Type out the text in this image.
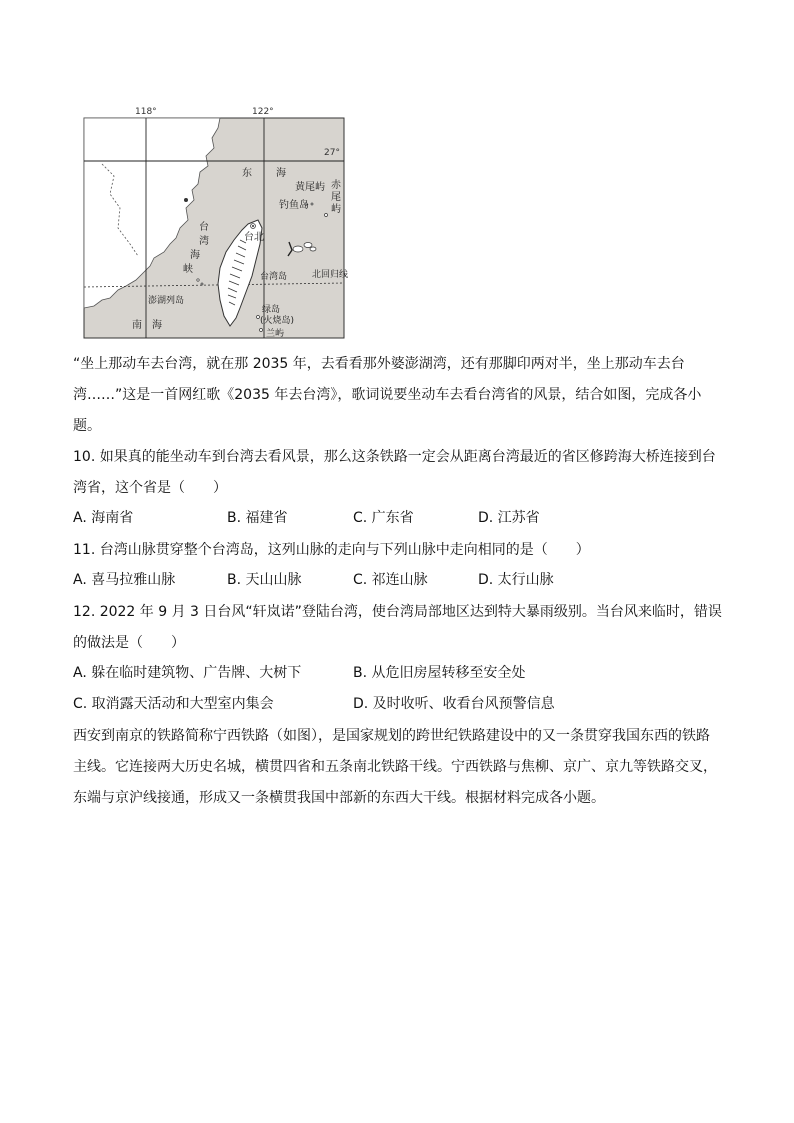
118°	122°
27°
东 海
台
湾
海
峡
黄尾屿
钓鱼岛
赤
尾
屿
台北
台湾岛	北回归线
澎湖列岛
绿岛
(火烧岛)
兰屿
南 海
“坐上那动车去台湾，就在那 2035 年，去看看那外婆澎湖湾，还有那脚印两对半，坐上那动车去台
湾……”这是一首网红歌《2035 年去台湾》，歌词说要坐动车去看台湾省的风景，结合如图，完成各小
题。
10. 如果真的能坐动车到台湾去看风景，那么这条铁路一定会从距离台湾最近的省区修跨海大桥连接到台
湾省，这个省是（　　）
A. 海南省	B. 福建省	C. 广东省	D. 江苏省
11. 台湾山脉贯穿整个台湾岛，这列山脉的走向与下列山脉中走向相同的是（　　）
A. 喜马拉雅山脉	B. 天山山脉	C. 祁连山脉	D. 太行山脉
12. 2022 年 9 月 3 日台风“轩岚诺”登陆台湾，使台湾局部地区达到特大暴雨级别。当台风来临时，错误
的做法是（　　）
A. 躲在临时建筑物、广告牌、大树下	B. 从危旧房屋转移至安全处
C. 取消露天活动和大型室内集会	D. 及时收听、收看台风预警信息
西安到南京的铁路简称宁西铁路（如图），是国家规划的跨世纪铁路建设中的又一条贯穿我国东西的铁路
主线。它连接两大历史名城，横贯四省和五条南北铁路干线。宁西铁路与焦柳、京广、京九等铁路交叉，
东端与京沪线接通，形成又一条横贯我国中部新的东西大干线。根据材料完成各小题。
